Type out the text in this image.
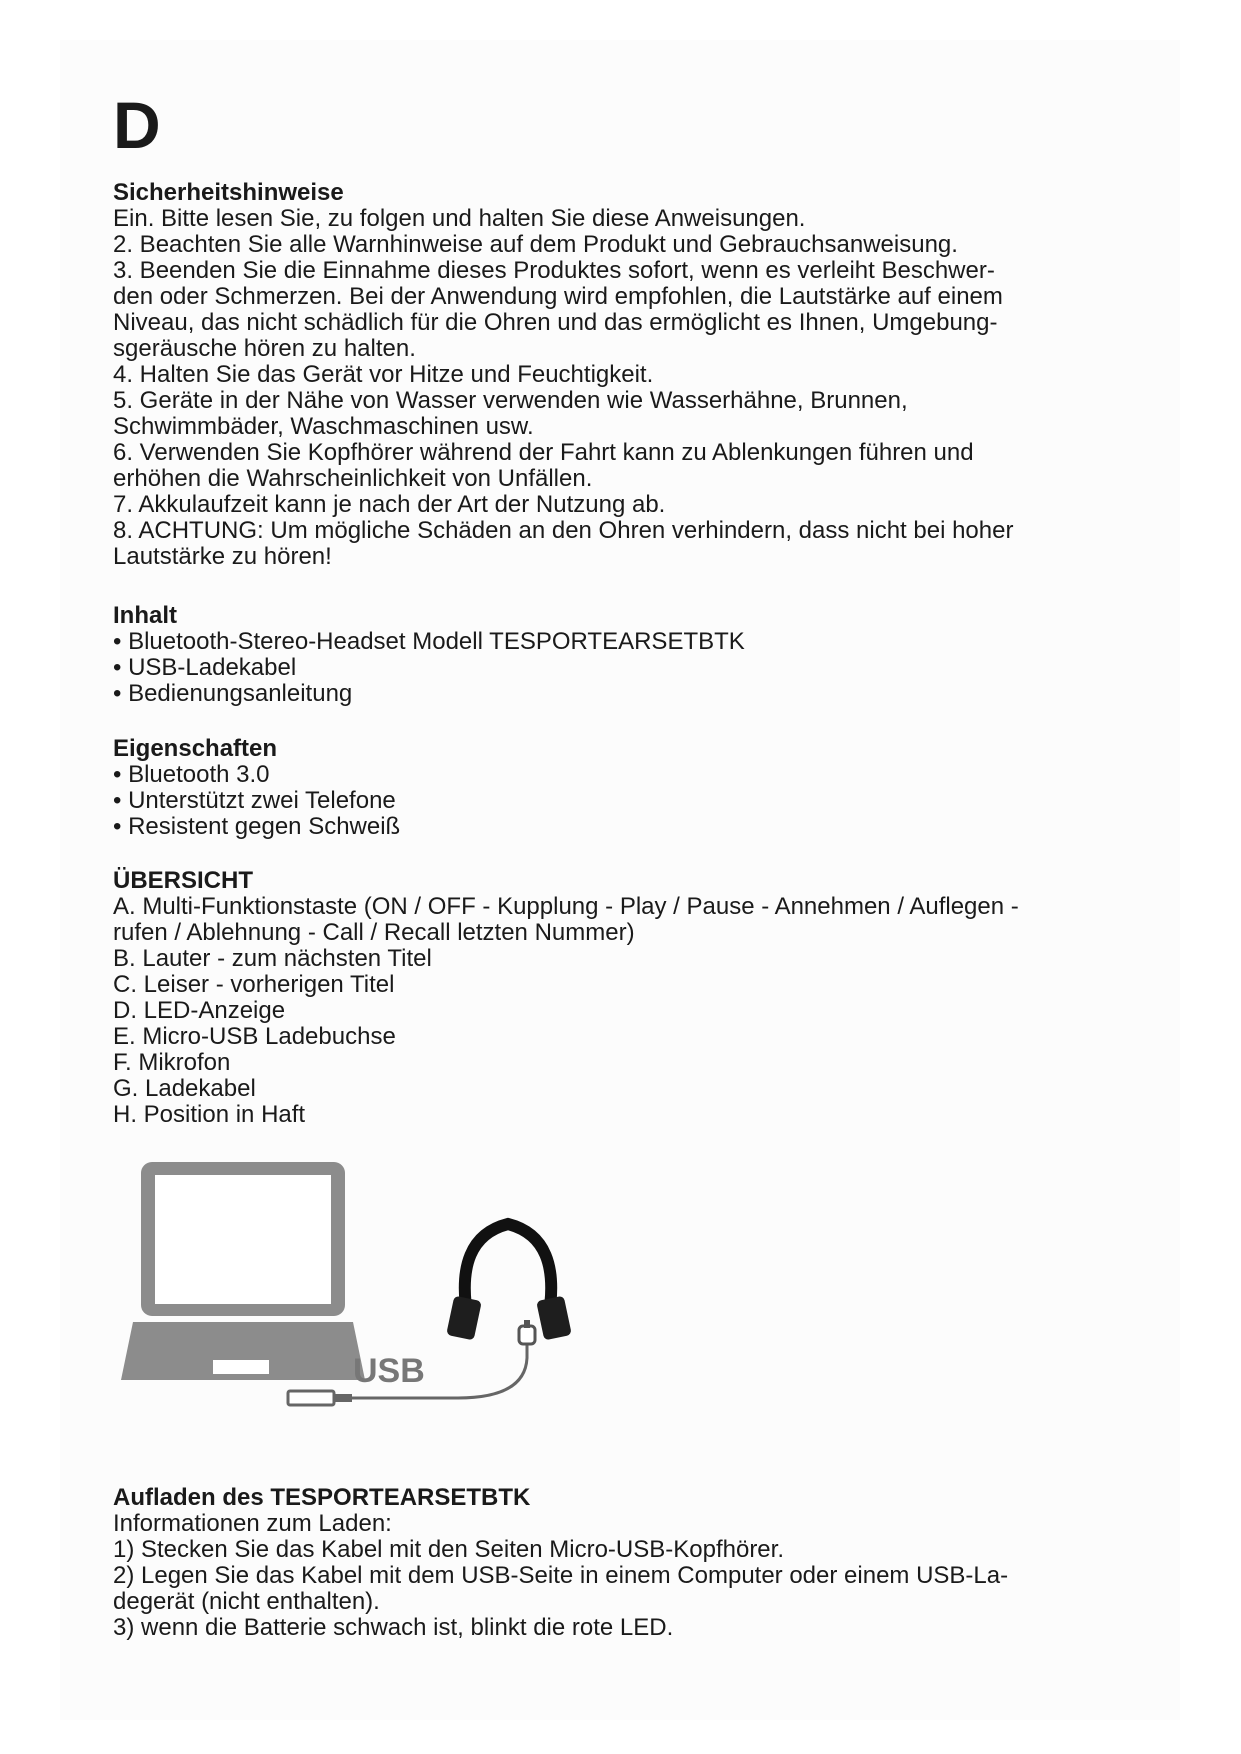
D

Sicherheitshinweise

Ein. Bitte lesen Sie, zu folgen und halten Sie diese Anweisungen.

2. Beachten Sie alle Warnhinweise auf dem Produkt und Gebrauchsanweisung.

3. Beenden Sie die Einnahme dieses Produktes sofort, wenn es verleiht Beschwer-

den oder Schmerzen. Bei der Anwendung wird empfohlen, die Lautstärke auf einem

Niveau, das nicht schädlich für die Ohren und das ermöglicht es Ihnen, Umgebung-

sgeräusche hören zu halten.

4. Halten Sie das Gerät vor Hitze und Feuchtigkeit.

5. Geräte in der Nähe von Wasser verwenden wie Wasserhähne, Brunnen,

Schwimmbäder, Waschmaschinen usw.

6. Verwenden Sie Kopfhörer während der Fahrt kann zu Ablenkungen führen und

erhöhen die Wahrscheinlichkeit von Unfällen.

7. Akkulaufzeit kann je nach der Art der Nutzung ab.

8. ACHTUNG: Um mögliche Schäden an den Ohren verhindern, dass nicht bei hoher

Lautstärke zu hören!

Inhalt

• Bluetooth-Stereo-Headset Modell TESPORTEARSETBTK

• USB-Ladekabel

• Bedienungsanleitung

Eigenschaften

• Bluetooth 3.0

• Unterstützt zwei Telefone

• Resistent gegen Schweiß

ÜBERSICHT

A. Multi-Funktionstaste (ON / OFF - Kupplung - Play / Pause - Annehmen / Auflegen -

rufen / Ablehnung - Call / Recall letzten Nummer)

B. Lauter - zum nächsten Titel

C. Leiser - vorherigen Titel

D. LED-Anzeige

E. Micro-USB Ladebuchse

F. Mikrofon

G. Ladekabel

H. Position in Haft

USB

Aufladen des TESPORTEARSETBTK

Informationen zum Laden:

1) Stecken Sie das Kabel mit den Seiten Micro-USB-Kopfhörer.

2) Legen Sie das Kabel mit dem USB-Seite in einem Computer oder einem USB-La-

degerät (nicht enthalten).

3) wenn die Batterie schwach ist, blinkt die rote LED.
